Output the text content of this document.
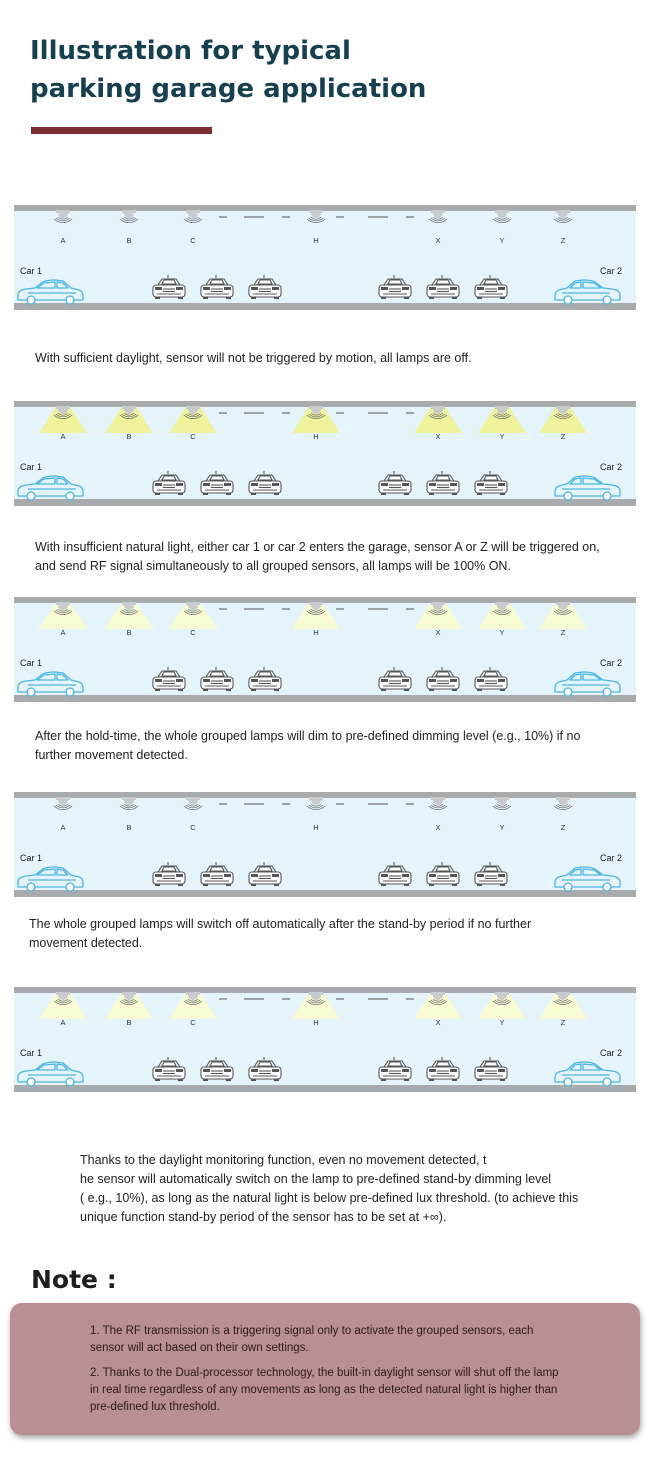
Illustration for typical
parking garage application
A	B	C	H	X	Y	Z
Car 1	Car 2

With sufficient daylight, sensor will not be triggered by motion, all lamps are off.

A	B	C	H	X	Y	Z
Car 1	Car 2

With insufficient natural light, either car 1 or car 2 enters the garage, sensor A or Z will be triggered on,
and send RF signal simultaneously to all grouped sensors, all lamps will be 100% ON.

A	B	C	H	X	Y	Z
Car 1	Car 2

After the hold-time, the whole grouped lamps will dim to pre-defined dimming level (e.g., 10%) if no
further movement detected.

A	B	C	H	X	Y	Z
Car 1	Car 2

The whole grouped lamps will switch off automatically after the stand-by period if no further
movement detected.

A	B	C	H	X	Y	Z
Car 1	Car 2

Thanks to the daylight monitoring function, even no movement detected, t
he sensor will automatically switch on the lamp to pre-defined stand-by dimming level
( e.g., 10%), as long as the natural light is below pre-defined lux threshold. (to achieve this
unique function stand-by period of the sensor has to be set at +∞).

Note :

1. The RF transmission is a triggering signal only to activate the grouped sensors, each sensor will act based on their own settings.

2. Thanks to the Dual-processor technology, the built-in daylight sensor will shut off the lamp in real time regardless of any movements as long as the detected natural light is higher than pre-defined lux threshold.
